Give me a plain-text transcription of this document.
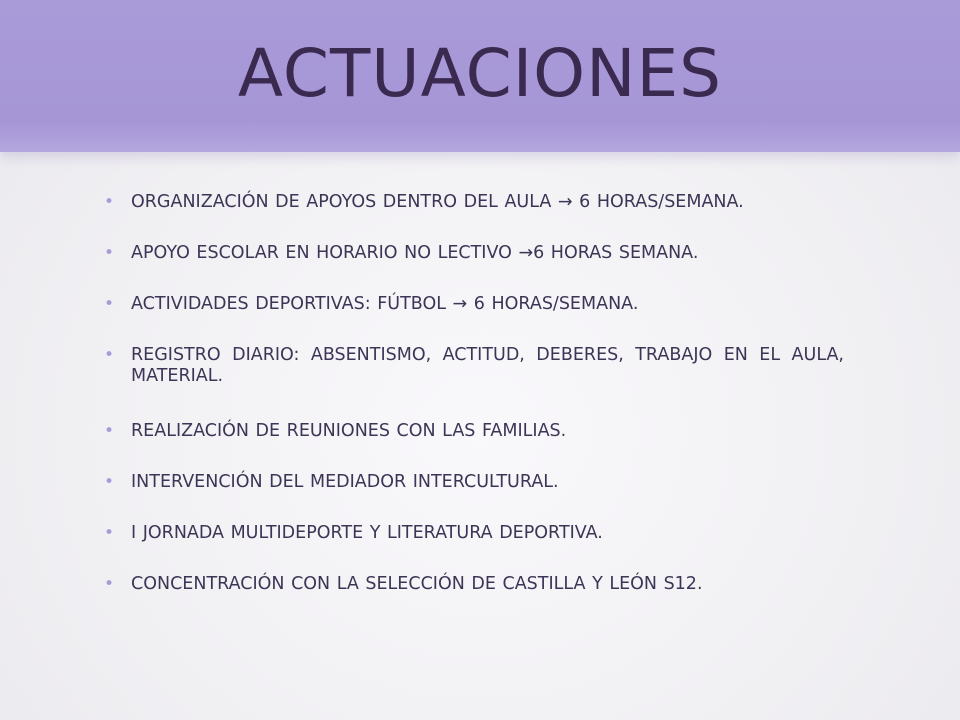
ACTUACIONES
• ORGANIZACIÓN DE APOYOS DENTRO DEL AULA → 6 HORAS/SEMANA.
• APOYO ESCOLAR EN HORARIO NO LECTIVO →6 HORAS SEMANA.
• ACTIVIDADES DEPORTIVAS: FÚTBOL → 6 HORAS/SEMANA.
• REGISTRO DIARIO: ABSENTISMO, ACTITUD, DEBERES, TRABAJO EN EL AULA, MATERIAL.
• REALIZACIÓN DE REUNIONES CON LAS FAMILIAS.
• INTERVENCIÓN DEL MEDIADOR INTERCULTURAL.
• I JORNADA MULTIDEPORTE Y LITERATURA DEPORTIVA.
• CONCENTRACIÓN CON LA SELECCIÓN DE CASTILLA Y LEÓN S12.
